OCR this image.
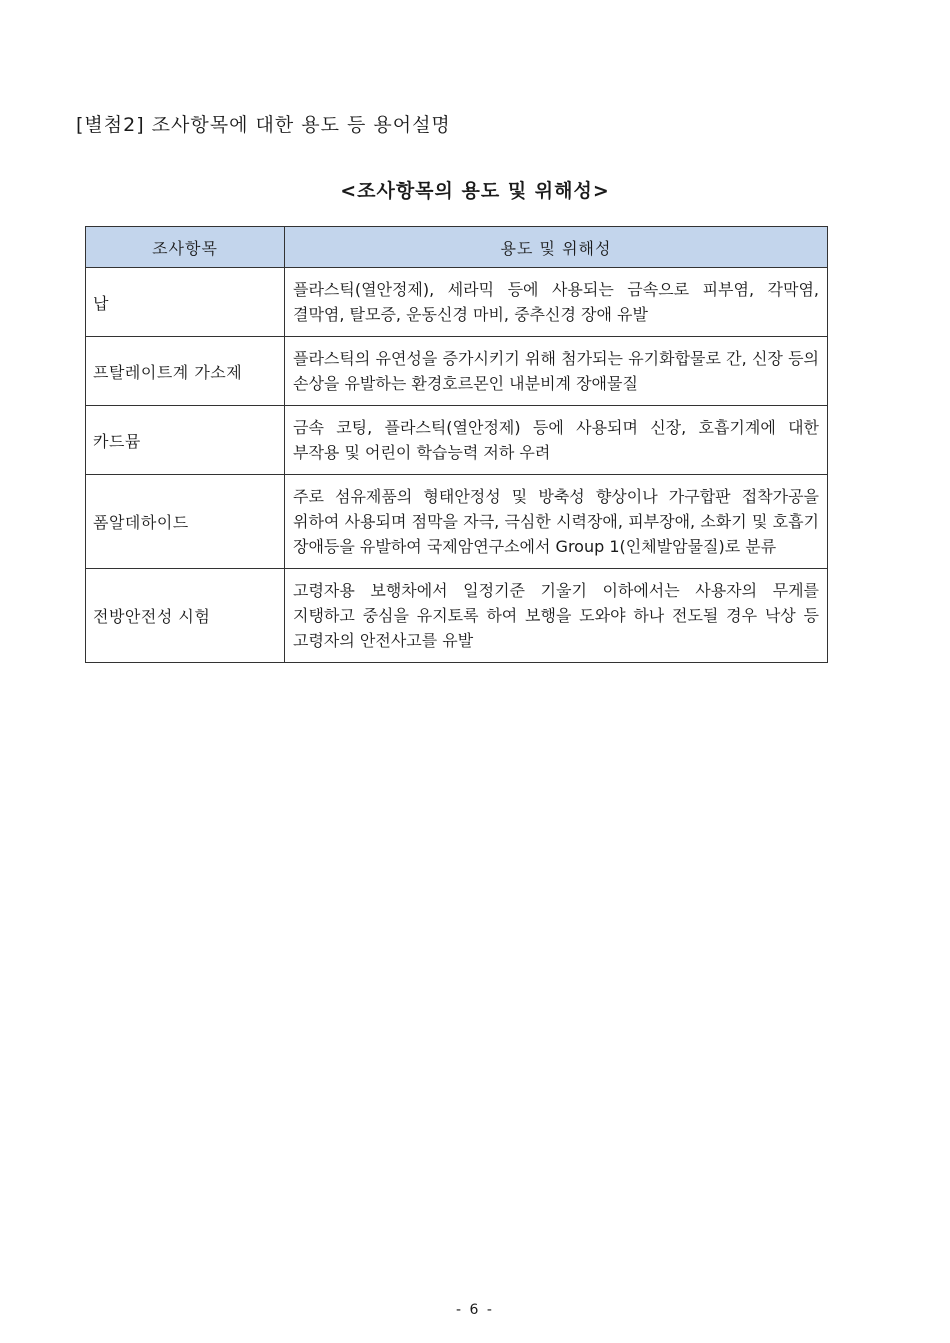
[별첨2] 조사항목에 대한 용도 등 용어설명
<조사항목의 용도 및 위해성>
조사항목	용도 및 위해성
납	플라스틱(열안정제), 세라믹 등에 사용되는 금속으로 피부염, 각막염, 결막염, 탈모증, 운동신경 마비, 중추신경 장애 유발
프탈레이트계 가소제	플라스틱의 유연성을 증가시키기 위해 첨가되는 유기화합물로 간, 신장 등의 손상을 유발하는 환경호르몬인 내분비계 장애물질
카드뮴	금속 코팅, 플라스틱(열안정제) 등에 사용되며 신장, 호흡기계에 대한 부작용 및 어린이 학습능력 저하 우려
폼알데하이드	주로 섬유제품의 형태안정성 및 방축성 향상이나 가구합판 접착가공을 위하여 사용되며 점막을 자극, 극심한 시력장애, 피부장애, 소화기 및 호흡기 장애등을 유발하여 국제암연구소에서 Group 1(인체발암물질)로 분류
전방안전성 시험	고령자용 보행차에서 일정기준 기울기 이하에서는 사용자의 무게를 지탱하고 중심을 유지토록 하여 보행을 도와야 하나 전도될 경우 낙상 등 고령자의 안전사고를 유발
- 6 -
